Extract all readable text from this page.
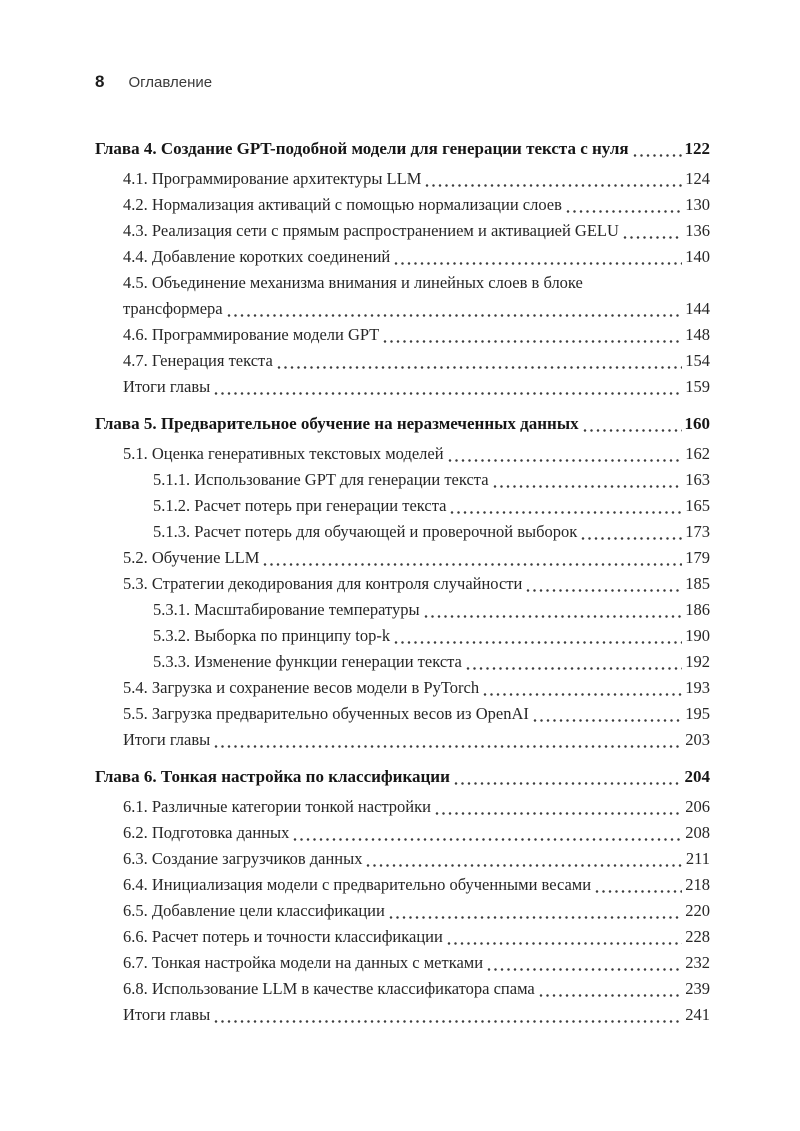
8 Оглавление
Глава 4. Создание GPT-подобной модели для генерации текста с нуля	122
4.1. Программирование архитектуры LLM	124
4.2. Нормализация активаций с помощью нормализации слоев	130
4.3. Реализация сети с прямым распространением и активацией GELU	136
4.4. Добавление коротких соединений	140
4.5. Объединение механизма внимания и линейных слоев в блоке
трансформера	144
4.6. Программирование модели GPT	148
4.7. Генерация текста	154
Итоги главы	159
Глава 5. Предварительное обучение на неразмеченных данных	160
5.1. Оценка генеративных текстовых моделей	162
5.1.1. Использование GPT для генерации текста	163
5.1.2. Расчет потерь при генерации текста	165
5.1.3. Расчет потерь для обучающей и проверочной выборок	173
5.2. Обучение LLM	179
5.3. Стратегии декодирования для контроля случайности	185
5.3.1. Масштабирование температуры	186
5.3.2. Выборка по принципу top-k	190
5.3.3. Изменение функции генерации текста	192
5.4. Загрузка и сохранение весов модели в PyTorch	193
5.5. Загрузка предварительно обученных весов из OpenAI	195
Итоги главы	203
Глава 6. Тонкая настройка по классификации	204
6.1. Различные категории тонкой настройки	206
6.2. Подготовка данных	208
6.3. Создание загрузчиков данных	211
6.4. Инициализация модели с предварительно обученными весами	218
6.5. Добавление цели классификации	220
6.6. Расчет потерь и точности классификации	228
6.7. Тонкая настройка модели на данных с метками	232
6.8. Использование LLM в качестве классификатора спама	239
Итоги главы	241
